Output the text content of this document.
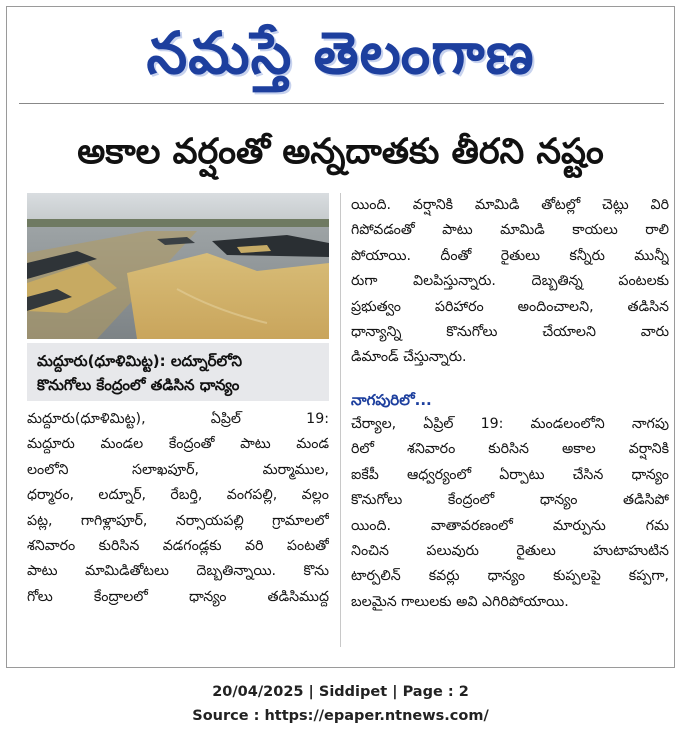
నమస్తే తెలంగాణ
అకాల వర్షంతో అన్నదాతకు తీరని నష్టం
మద్దూరు(ధూళిమిట్ట): లద్నూర్‌లోని
కొనుగోలు కేంద్రంలో తడిసిన ధాన్యం
మద్దూరు(ధూళిమిట్ట), ఏప్రిల్ 19:
మద్దూరు మండల కేంద్రంతో పాటు మండ
లంలోని సలాఖపూర్, మర్మాముల,
ధర్మారం, లద్నూర్, రేబర్తి, వంగపల్లి, వల్లం
పట్ల, గాగిళ్లాపూర్, నర్సాయపల్లి గ్రామాలలో
శనివారం కురిసిన వడగండ్లకు వరి పంటతో
పాటు మామిడితోటలు దెబ్బతిన్నాయి. కొను
గోలు కేంద్రాలలో ధాన్యం తడిసిముద్ద
యింది. వర్షానికి మామిడి తోటల్లో చెట్లు విరి
గిపోవడంతో పాటు మామిడి కాయలు రాలి
పోయాయి. దీంతో రైతులు కన్నీరు మున్నీ
రుగా విలపిస్తున్నారు. దెబ్బతిన్న పంటలకు
ప్రభుత్వం పరిహారం అందించాలని, తడిసిన
ధాన్యాన్ని కొనుగోలు చేయాలని వారు
డిమాండ్ చేస్తున్నారు.
నాగపురిలో...
చేర్యాల, ఏప్రిల్ 19: మండలంలోని నాగపు
రిలో శనివారం కురిసిన అకాల వర్షానికి
ఐకేపీ ఆధ్వర్యంలో ఏర్పాటు చేసిన ధాన్యం
కొనుగోలు కేంద్రంలో ధాన్యం తడిసిపో
యింది. వాతావరణంలో మార్పును గమ
నించిన పలువురు రైతులు హుటాహుటిన
టార్పలిన్ కవర్లు ధాన్యం కుప్పలపై కప్పగా,
బలమైన గాలులకు అవి ఎగిరిపోయాయి.
20/04/2025 | Siddipet | Page : 2
Source : https://epaper.ntnews.com/
